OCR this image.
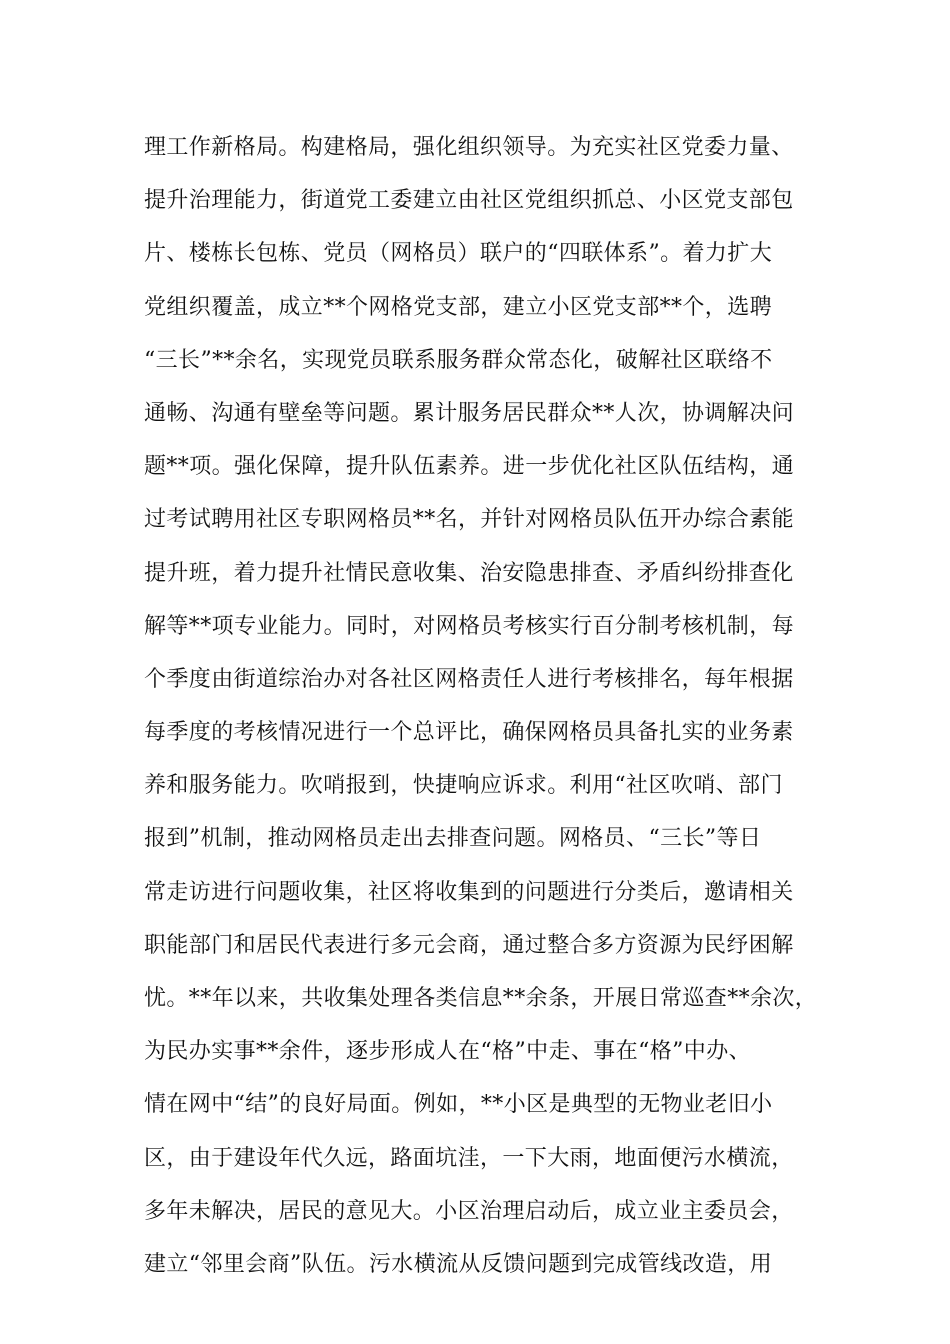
理工作新格局。构建格局，强化组织领导。为充实社区党委力量、
提升治理能力，街道党工委建立由社区党组织抓总、小区党支部包
片、楼栋长包栋、党员（网格员）联户的“四联体系”。着力扩大
党组织覆盖，成立**个网格党支部，建立小区党支部**个，选聘
“三长”**余名，实现党员联系服务群众常态化，破解社区联络不
通畅、沟通有壁垒等问题。累计服务居民群众**人次，协调解决问
题**项。强化保障，提升队伍素养。进一步优化社区队伍结构，通
过考试聘用社区专职网格员**名，并针对网格员队伍开办综合素能
提升班，着力提升社情民意收集、治安隐患排查、矛盾纠纷排查化
解等**项专业能力。同时，对网格员考核实行百分制考核机制，每
个季度由街道综治办对各社区网格责任人进行考核排名，每年根据
每季度的考核情况进行一个总评比，确保网格员具备扎实的业务素
养和服务能力。吹哨报到，快捷响应诉求。利用“社区吹哨、部门
报到”机制，推动网格员走出去排查问题。网格员、“三长”等日
常走访进行问题收集，社区将收集到的问题进行分类后，邀请相关
职能部门和居民代表进行多元会商，通过整合多方资源为民纾困解
忧。**年以来，共收集处理各类信息**余条，开展日常巡查**余次，
为民办实事**余件，逐步形成人在“格”中走、事在“格”中办、
情在网中“结”的良好局面。例如，**小区是典型的无物业老旧小
区，由于建设年代久远，路面坑洼，一下大雨，地面便污水横流，
多年未解决，居民的意见大。小区治理启动后，成立业主委员会，
建立“邻里会商”队伍。污水横流从反馈问题到完成管线改造，用
